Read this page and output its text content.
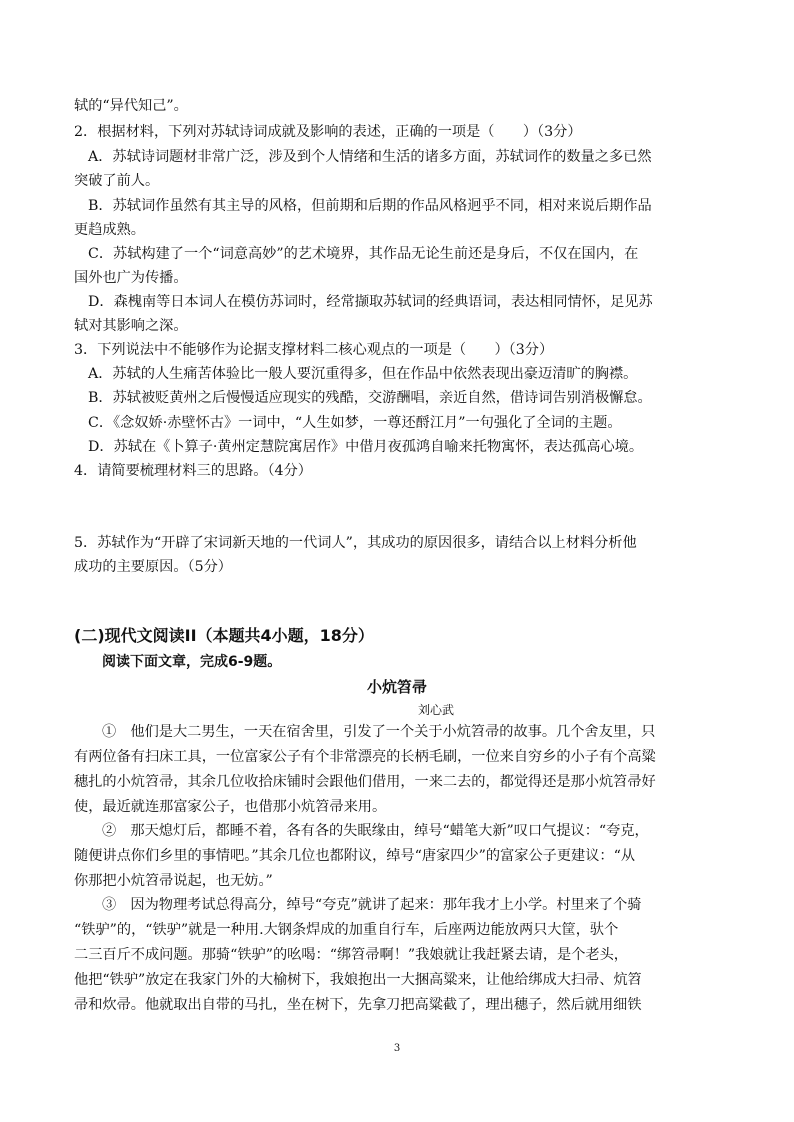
轼的“异代知己”。
2．根据材料，下列对苏轼诗词成就及影响的表述，正确的一项是（　　）（3分）
A．苏轼诗词题材非常广泛，涉及到个人情绪和生活的诸多方面，苏轼词作的数量之多已然
突破了前人。
B．苏轼词作虽然有其主导的风格，但前期和后期的作品风格迥乎不同，相对来说后期作品
更趋成熟。
C．苏轼构建了一个“词意高妙”的艺术境界，其作品无论生前还是身后，不仅在国内，在
国外也广为传播。
D．森槐南等日本词人在模仿苏词时，经常撷取苏轼词的经典语词，表达相同情怀，足见苏
轼对其影响之深。
3．下列说法中不能够作为论据支撑材料二核心观点的一项是（　　）（3分）
A．苏轼的人生痛苦体验比一般人要沉重得多，但在作品中依然表现出豪迈清旷的胸襟。
B．苏轼被贬黄州之后慢慢适应现实的残酷，交游酬唱，亲近自然，借诗词告别消极懈怠。
C．《念奴娇·赤壁怀古》一词中，“人生如梦，一尊还酹江月”一句强化了全词的主题。
D．苏轼在《卜算子·黄州定慧院寓居作》中借月夜孤鸿自喻来托物寓怀，表达孤高心境。
4．请简要梳理材料三的思路。（4分）
5．苏轼作为“开辟了宋词新天地的一代词人”，其成功的原因很多，请结合以上材料分析他
成功的主要原因。（5分）
(二)现代文阅读II（本题共4小题，18分）
阅读下面文章，完成6-9题。
小炕笤帚
刘心武
①　他们是大二男生，一天在宿舍里，引发了一个关于小炕笤帚的故事。几个舍友里，只
有两位备有扫床工具，一位富家公子有个非常漂亮的长柄毛刷，一位来自穷乡的小子有个高粱
穗扎的小炕笤帚，其余几位收拾床铺时会跟他们借用，一来二去的，都觉得还是那小炕笤帚好
使，最近就连那富家公子，也借那小炕笤帚来用。
②　那天熄灯后，都睡不着，各有各的失眠缘由，绰号“蜡笔大新”叹口气提议：“夸克，
随便讲点你们乡里的事情吧。”其余几位也都附议，绰号“唐家四少”的富家公子更建议：“从
你那把小炕笤帚说起，也无妨。”
③　因为物理考试总得高分，绰号“夸克”就讲了起来：那年我才上小学。村里来了个骑
“铁驴”的，“铁驴”就是一种用.大钢条焊成的加重自行车，后座两边能放两只大筐，驮个
二三百斤不成问题。那骑“铁驴”的吆喝：“绑笤帚啊！”我娘就让我赶紧去请，是个老头，
他把“铁驴”放定在我家门外的大榆树下，我娘抱出一大捆高粱来，让他给绑成大扫帚、炕笤
帚和炊帚。他就取出自带的马扎，坐在树下，先拿刀把高粱截了，理出穗子，然后就用细铁
3
